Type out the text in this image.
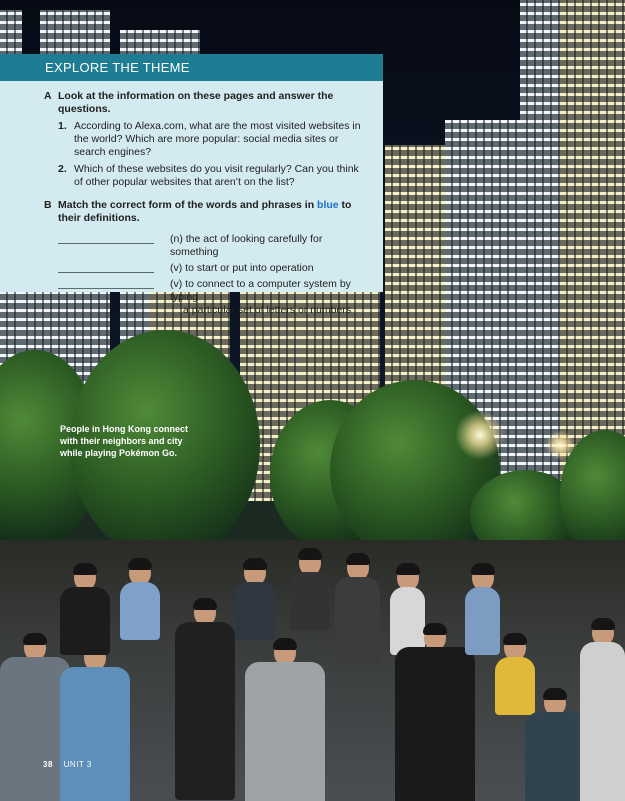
EXPLORE THE THEME
A Look at the information on these pages and answer the questions.
1. According to Alexa.com, what are the most visited websites in the world? Which are more popular: social media sites or search engines?
2. Which of these websites do you visit regularly? Can you think of other popular websites that aren’t on the list?
B Match the correct form of the words and phrases in blue to their definitions.
(n) the act of looking carefully for something
(v) to start or put into operation
(v) to connect to a computer system by typing
a particular set of letters or numbers
People in Hong Kong connect with their neighbors and city while playing Pokémon Go.
38 UNIT 3
